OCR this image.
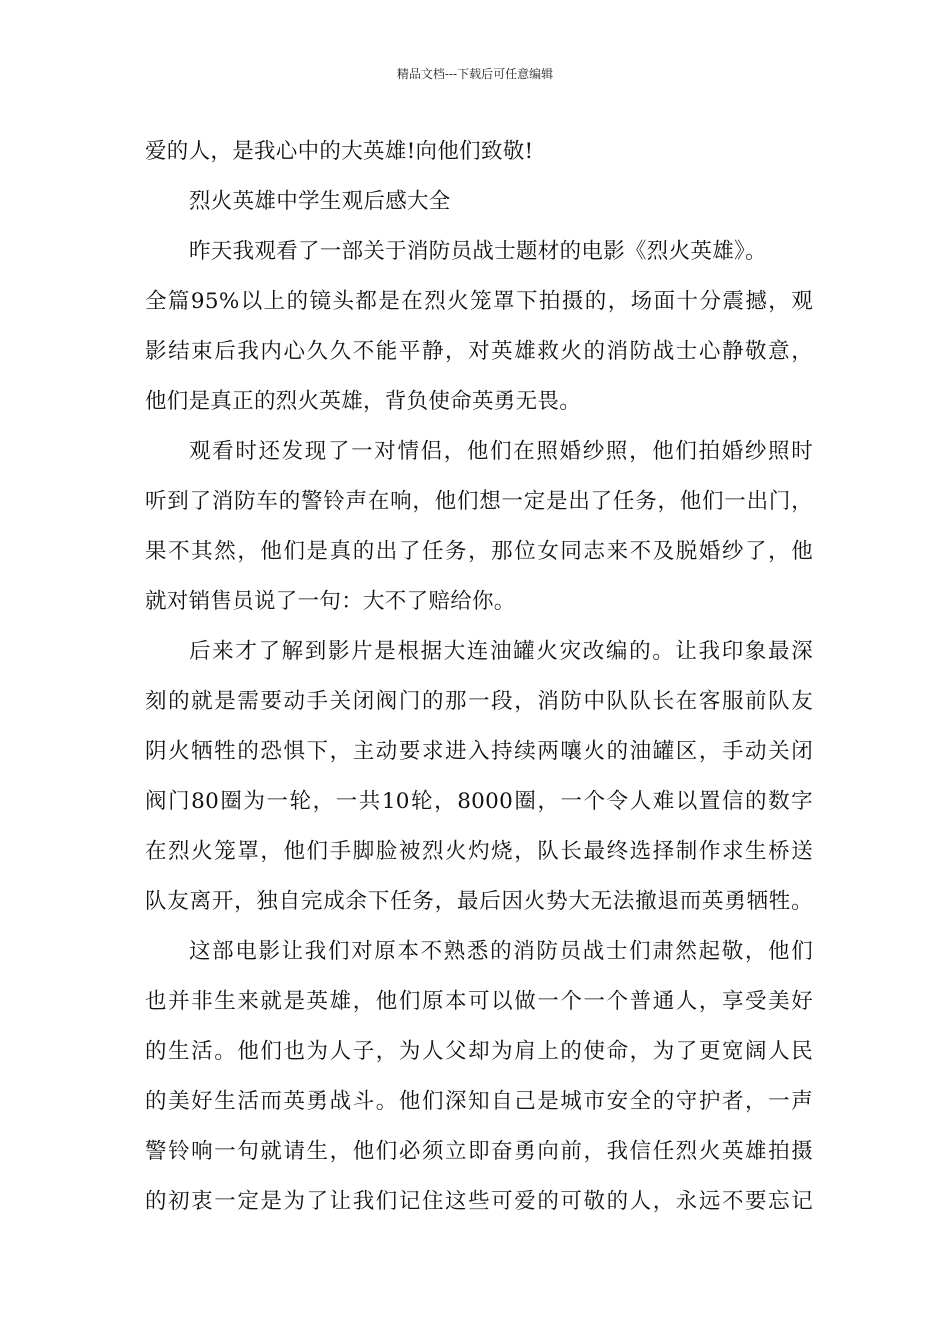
精品文档---下载后可任意编辑
爱的人，是我心中的大英雄!向他们致敬!
烈火英雄中学生观后感大全
昨天我观看了一部关于消防员战士题材的电影《烈火英雄》。
全篇95%以上的镜头都是在烈火笼罩下拍摄的，场面十分震撼，观
影结束后我内心久久不能平静，对英雄救火的消防战士心静敬意，
他们是真正的烈火英雄，背负使命英勇无畏。
观看时还发现了一对情侣，他们在照婚纱照，他们拍婚纱照时
听到了消防车的警铃声在响，他们想一定是出了任务，他们一出门，
果不其然，他们是真的出了任务，那位女同志来不及脱婚纱了，他
就对销售员说了一句：大不了赔给你。
后来才了解到影片是根据大连油罐火灾改编的。让我印象最深
刻的就是需要动手关闭阀门的那一段，消防中队队长在客服前队友
阴火牺牲的恐惧下，主动要求进入持续两嚷火的油罐区，手动关闭
阀门80圈为一轮，一共10轮，8000圈，一个令人难以置信的数字
在烈火笼罩，他们手脚脸被烈火灼烧，队长最终选择制作求生桥送
队友离开，独自完成余下任务，最后因火势大无法撤退而英勇牺牲。
这部电影让我们对原本不熟悉的消防员战士们肃然起敬，他们
也并非生来就是英雄，他们原本可以做一个一个普通人，享受美好
的生活。他们也为人子，为人父却为肩上的使命，为了更宽阔人民
的美好生活而英勇战斗。他们深知自己是城市安全的守护者，一声
警铃响一句就请生，他们必须立即奋勇向前，我信任烈火英雄拍摄
的初衷一定是为了让我们记住这些可爱的可敬的人，永远不要忘记
